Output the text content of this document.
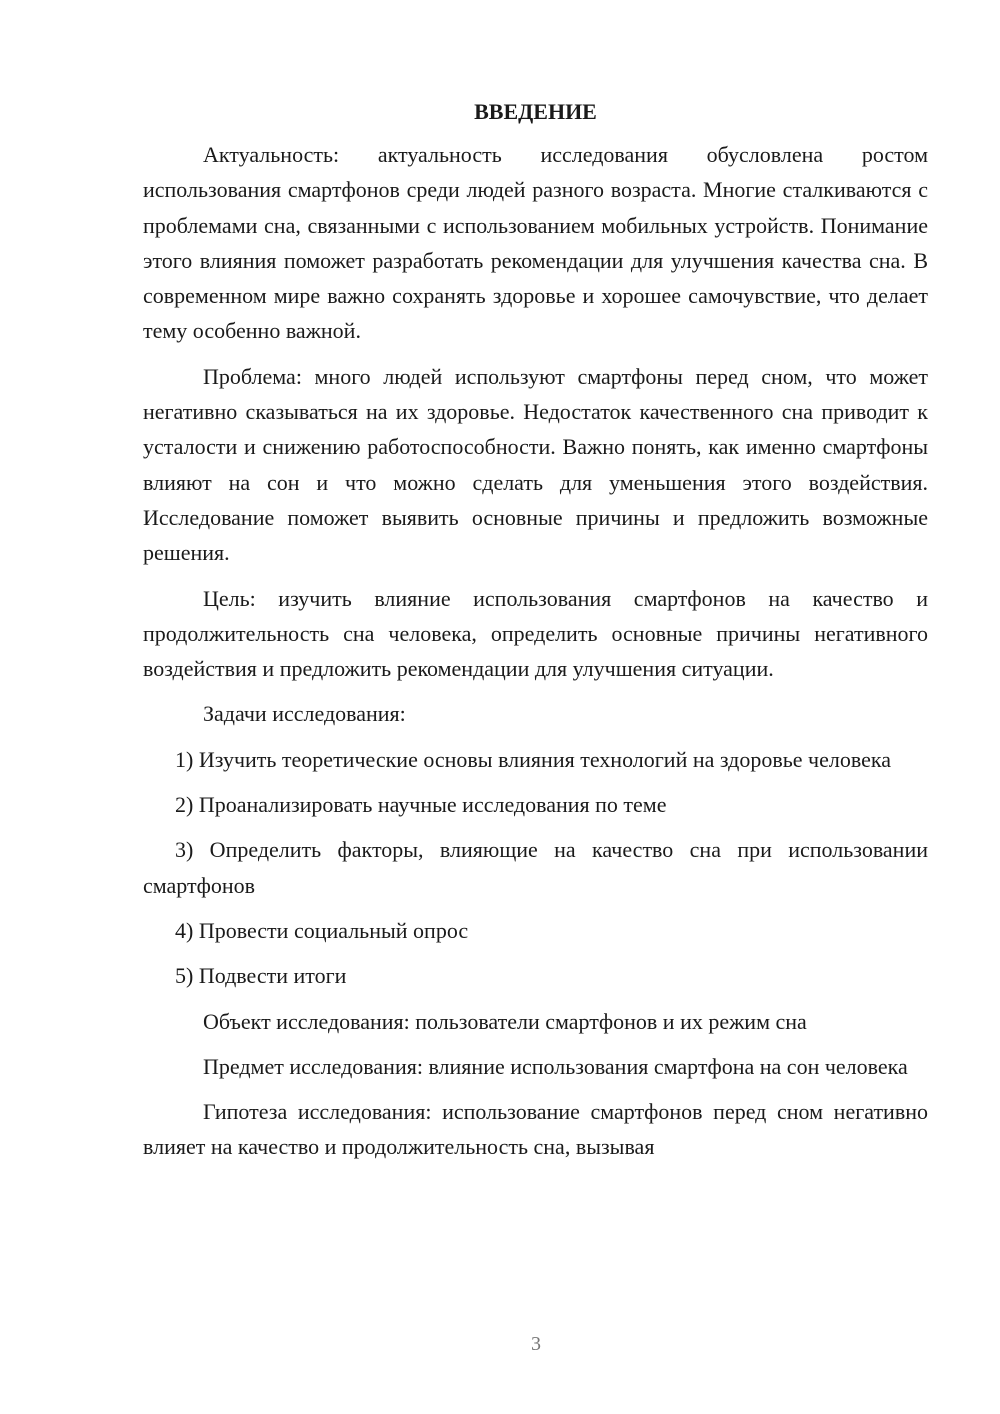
ВВЕДЕНИЕ

Актуальность: актуальность исследования обусловлена ростом использования смартфонов среди людей разного возраста. Многие сталкиваются с проблемами сна, связанными с использованием мобильных устройств. Понимание этого влияния поможет разработать рекомендации для улучшения качества сна. В современном мире важно сохранять здоровье и хорошее самочувствие, что делает тему особенно важной.

Проблема: много людей используют смартфоны перед сном, что может негативно сказываться на их здоровье. Недостаток качественного сна приводит к усталости и снижению работоспособности. Важно понять, как именно смартфоны влияют на сон и что можно сделать для уменьшения этого воздействия. Исследование поможет выявить основные причины и предложить возможные решения.

Цель: изучить влияние использования смартфонов на качество и продолжительность сна человека, определить основные причины негативного воздействия и предложить рекомендации для улучшения ситуации.

Задачи исследования:

1) Изучить теоретические основы влияния технологий на здоровье человека

2) Проанализировать научные исследования по теме

3) Определить факторы, влияющие на качество сна при использовании смартфонов

4) Провести социальный опрос

5) Подвести итоги

Объект исследования: пользователи смартфонов и их режим сна

Предмет исследования: влияние использования смартфона на сон человека

Гипотеза исследования: использование смартфонов перед сном негативно влияет на качество и продолжительность сна, вызывая

3
